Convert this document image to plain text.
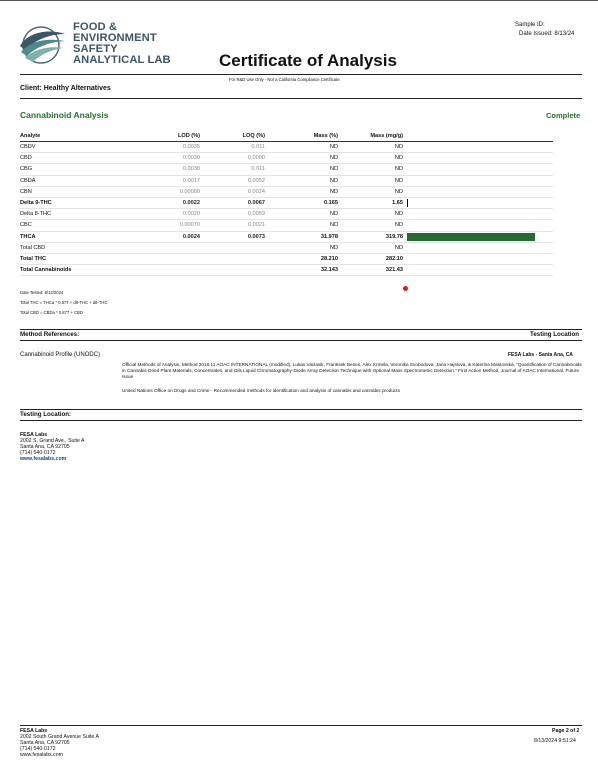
FOOD &
ENVIRONMENT
SAFETY
ANALYTICAL LAB	Certificate of Analysis
Sample ID:
Date Issued: 8/13/24
For R&D Use Only - Not a California Compliance Certificate.
Client: Healthy Alternatives
Cannabinoid Analysis	Complete
Analyte	LOD (%)	LOQ (%)	Mass (%)	Mass (mg/g)	
CBDV	0.0035	0.011	ND	ND	
CBD	0.0030	0.0090	ND	ND	
CBG	0.0038	0.011	ND	ND	
CBDA	0.0017	0.0052	ND	ND	
CBN	0.00080	0.0024	ND	ND	
Delta 9-THC	0.0022	0.0067	0.165	1.65	

Delta 8-THC	0.0020	0.0059	ND	ND	
CBC	0.00070	0.0021	ND	ND	
THCA	0.0024	0.0073	31.978	319.78	

Total CBD			ND	ND	
Total THC			28.210	282.10	
Total Cannabinoids			32.143	321.43	
Date Tested: 8/12/2024
Total THC = THCa * 0.877 + d9-THC + d8-THC
Total CBD = CBDa * 0.877 + CBD
Method References:	Testing Location
Cannabinoid Profile (UNODC)	FESA Labs - Santa Ana, CA

Official Methods of Analysis, Method 2018.11 AOAC INTERNATIONAL (modified), Lukas Vaclavik, Frantisek Benes, Alex Krmela, Veronika Svobodova, Jana Hajslova, & Katerina Mastovska, "Quantification of Cannabinoids in Cannabis Dried Plant Materials, Concentrates, and Oils Liquid Chromatography-Diode Array Detection Technique with Optional Mass Spectrometric Detection," First Action Method, Journal of AOAC International, Future Issue

United Nations Office on Drugs and Crime - Recommended methods for identification and analysis of cannabis and cannabis products

Testing Location:
FESA Labs
2002 S. Grand Ave., Suite A
Santa Ana, CA 92705
(714) 540-0172
www.fesalabs.com
FESA Labs
2002 South Grand Avenue Suite A
Santa Ana, CA 92705
(714) 540-0172
www.fesalabs.com
Page 2 of 2
8/13/2024 9:51:24
